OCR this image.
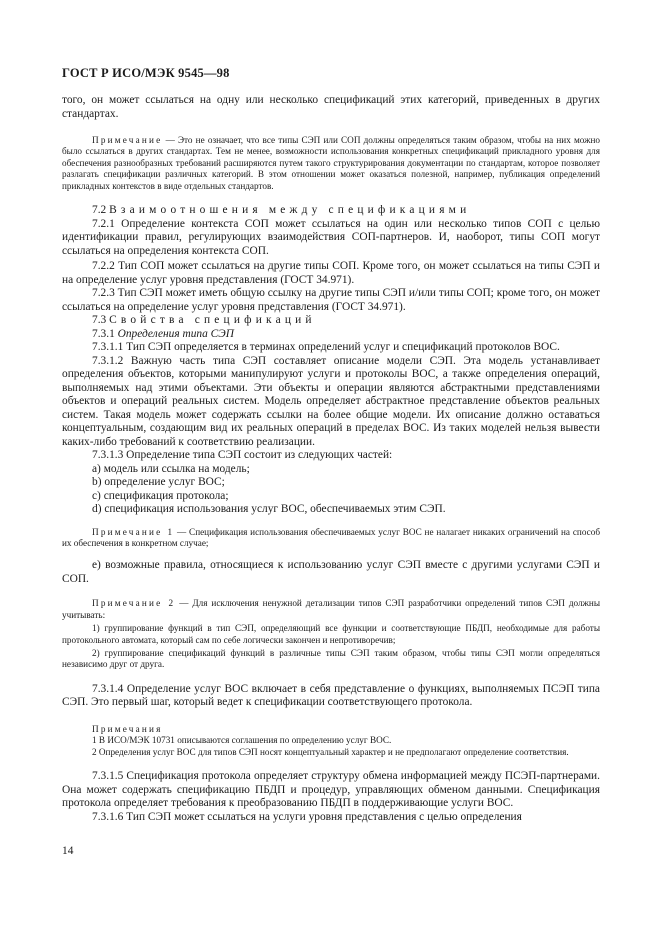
ГОСТ Р ИСО/МЭК 9545—98

того, он может ссылаться на одну или несколько спецификаций этих категорий, приведенных в других стандартах.

Примечание — Это не означает, что все типы СЭП или СОП должны определяться таким образом, чтобы на них можно было ссылаться в других стандартах. Тем не менее, возможности использования конкретных спецификаций прикладного уровня для обеспечения разнообразных требований расширяются путем такого структурирования документации по стандартам, которое позволяет разлагать спецификации различных категорий. В этом отношении может оказаться полезной, например, публикация определений прикладных контекстов в виде отдельных стандартов.

7.2 Взаимоотношения между спецификациями

7.2.1 Определение контекста СОП может ссылаться на один или несколько типов СОП с целью идентификации правил, регулирующих взаимодействия СОП-партнеров. И, наоборот, типы СОП могут ссылаться на определения контекста СОП.

7.2.2 Тип СОП может ссылаться на другие типы СОП. Кроме того, он может ссылаться на типы СЭП и на определение услуг уровня представления (ГОСТ 34.971).

7.2.3 Тип СЭП может иметь общую ссылку на другие типы СЭП и/или типы СОП; кроме того, он может ссылаться на определение услуг уровня представления (ГОСТ 34.971).

7.3 Свойства спецификаций

7.3.1 Определения типа СЭП

7.3.1.1 Тип СЭП определяется в терминах определений услуг и спецификаций протоколов ВОС.

7.3.1.2 Важную часть типа СЭП составляет описание модели СЭП. Эта модель устанавливает определения объектов, которыми манипулируют услуги и протоколы ВОС, а также определения операций, выполняемых над этими объектами. Эти объекты и операции являются абстрактными представлениями объектов и операций реальных систем. Модель определяет абстрактное представление объектов реальных систем. Такая модель может содержать ссылки на более общие модели. Их описание должно оставаться концептуальным, создающим вид их реальных операций в пределах ВОС. Из таких моделей нельзя вывести каких-либо требований к соответствию реализации.

7.3.1.3 Определение типа СЭП состоит из следующих частей:

a) модель или ссылка на модель;

b) определение услуг ВОС;

c) спецификация протокола;

d) спецификация использования услуг ВОС, обеспечиваемых этим СЭП.

Примечание 1 — Спецификация использования обеспечиваемых услуг ВОС не налагает никаких ограничений на способ их обеспечения в конкретном случае;

e) возможные правила, относящиеся к использованию услуг СЭП вместе с другими услугами СЭП и СОП.

Примечание 2 — Для исключения ненужной детализации типов СЭП разработчики определений типов СЭП должны учитывать:

1) группирование функций в тип СЭП, определяющий все функции и соответствующие ПБДП, необходимые для работы протокольного автомата, который сам по себе логически закончен и непротиворечив;

2) группирование спецификаций функций в различные типы СЭП таким образом, чтобы типы СЭП могли определяться независимо друг от друга.

7.3.1.4 Определение услуг ВОС включает в себя представление о функциях, выполняемых ПСЭП типа СЭП. Это первый шаг, который ведет к спецификации соответствующего протокола.

Примечания

1 В ИСО/МЭК 10731 описываются соглашения по определению услуг ВОС.

2 Определения услуг ВОС для типов СЭП носят концептуальный характер и не предполагают определение соответствия.

7.3.1.5 Спецификация протокола определяет структуру обмена информацией между ПСЭП-партнерами. Она может содержать спецификацию ПБДП и процедур, управляющих обменом данными. Спецификация протокола определяет требования к преобразованию ПБДП в поддерживающие услуги ВОС.

7.3.1.6 Тип СЭП может ссылаться на услуги уровня представления с целью определения

14
